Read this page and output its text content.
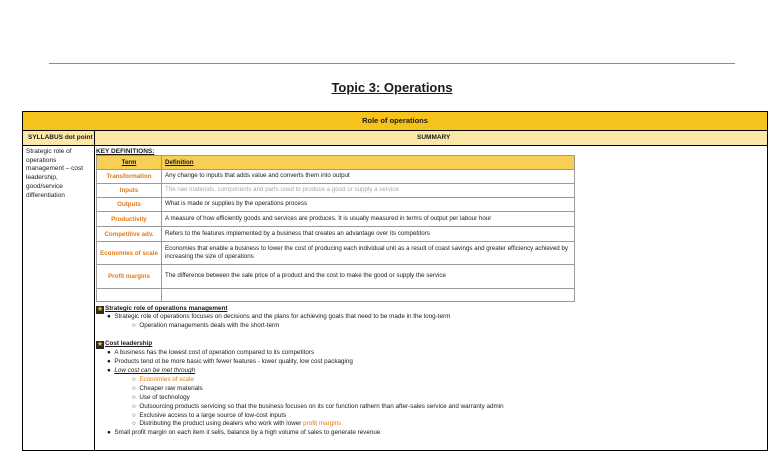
Topic 3: Operations
Role of operations
SYLLABUS dot point	SUMMARY
Strategic role of operations management – cost leadership, good/service differentiation
KEY DEFINITIONS:
Term	Definition
Transformation	Any change to inputs that adds value and converts them into output
Inputs	The raw materials, components and parts used to produce a good or supply a service
Outputs	What is made or supplies by the operations process
Productivity	A measure of how efficiently goods and services are produces. It is usually measured in terms of output per labour hour
Competitive adv.	Refers to the features implemented by a business that creates an advantage over its competitors
Economies of scale	Economies that enable a business to lower the cost of producing each individual unit as a result of coast savings and greater efficiency achieved by increasing the size of operations
Profit margins	The difference between the sale price of a product and the cost to make the good or supply the service

★ Strategic role of operations management
● Strategic role of operations focuses on decisions and the plans for achieving goals that need to be made in the long-term
○ Operation managements deals with the short-term
★ Cost leadership
● A business has the lowest cost of operation compared to its competitors
● Products tend ot be more basic with fewer features - lower quality, low cost packaging
● Low cost can be met through
○ Economies of scale
○ Cheaper raw materials
○ Use of technology
○ Outsourcing products servicing so that the business focuses on its cor function rathern than after-sales service and warranty admin
○ Exclusive access to a large source of low-cost inputs
○ Distributing the product using dealers who work with lower profit margins
● Small profit margin on each item it sells, balance by a high volume of sales to generate revenue
